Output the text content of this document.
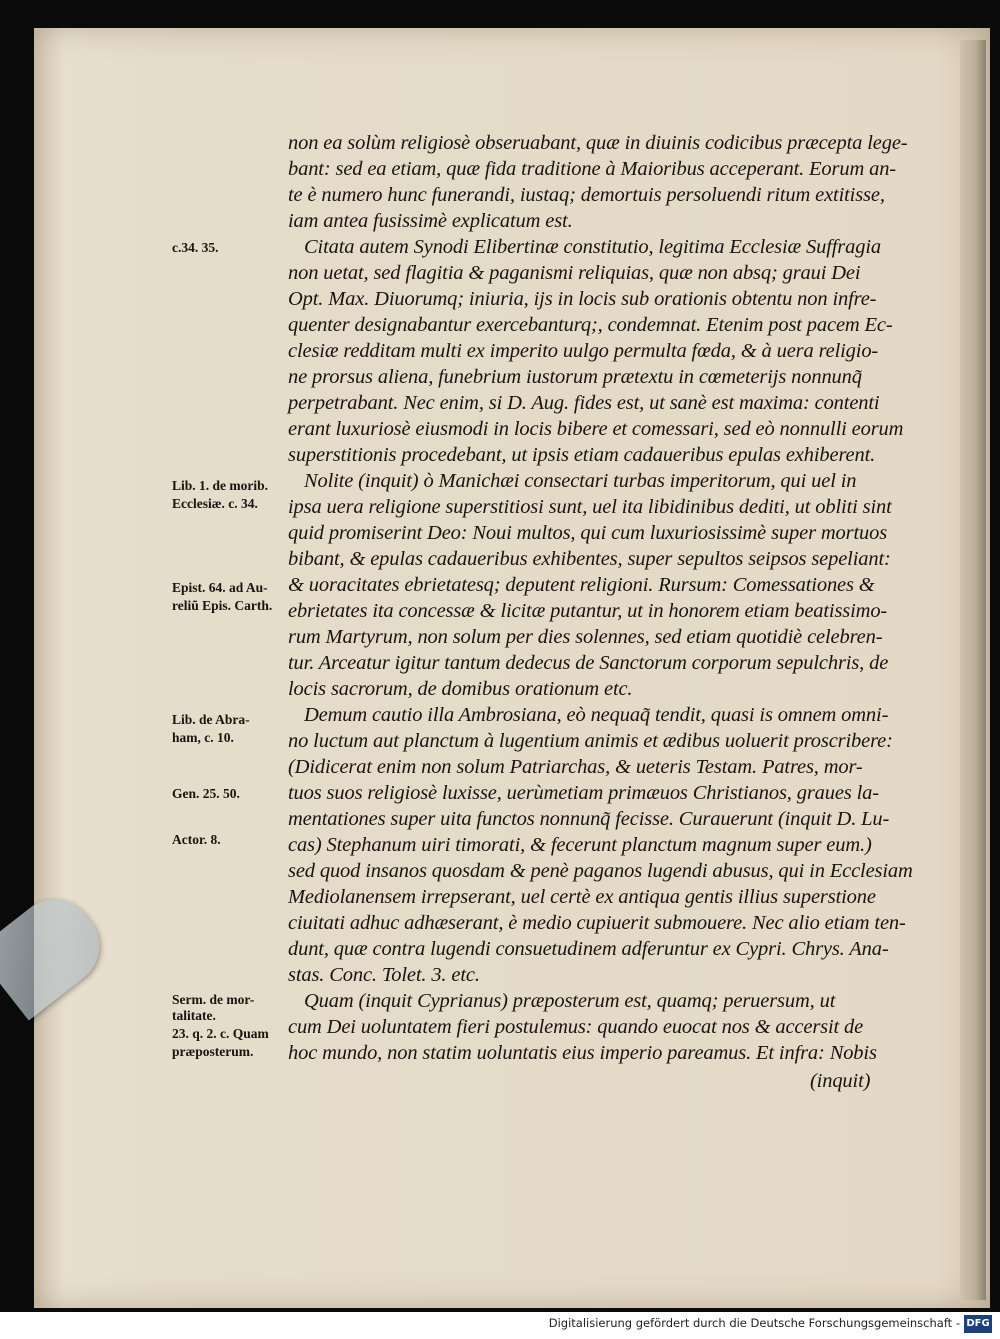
non ea solùm religiosè obseruabant, quæ in diuinis codicibus præcepta lege-
bant: sed ea etiam, quæ fida traditione à Maioribus acceperant. Eorum an-
te è numero hunc funerandi, iustaq; demortuis persoluendi ritum extitisse,
iam antea fusissimè explicatum est.
Citata autem Synodi Elibertinæ constitutio, legitima Ecclesiæ Suffragia
non uetat, sed flagitia & paganismi reliquias, quæ non absq; graui Dei
Opt. Max. Diuorumq; iniuria, ijs in locis sub orationis obtentu non infre-
quenter designabantur exercebanturq;, condemnat. Etenim post pacem Ec-
clesiæ redditam multi ex imperito uulgo permulta fœda, & à uera religio-
ne prorsus aliena, funebrium iustorum prætextu in cœmeterijs nonnunq̃
perpetrabant. Nec enim, si D. Aug. fides est, ut sanè est maxima: contenti
erant luxuriosè eiusmodi in locis bibere et comessari, sed eò nonnulli eorum
superstitionis procedebant, ut ipsis etiam cadaueribus epulas exhiberent.
Nolite (inquit) ò Manichæi consectari turbas imperitorum, qui uel in
ipsa uera religione superstitiosi sunt, uel ita libidinibus dediti, ut obliti sint
quid promiserint Deo: Noui multos, qui cum luxuriosissimè super mortuos
bibant, & epulas cadaueribus exhibentes, super sepultos seipsos sepeliant:
& uoracitates ebrietatesq; deputent religioni. Rursum: Comessationes &
ebrietates ita concessæ & licitæ putantur, ut in honorem etiam beatissimo-
rum Martyrum, non solum per dies solennes, sed etiam quotidiè celebren-
tur. Arceatur igitur tantum dedecus de Sanctorum corporum sepulchris, de
locis sacrorum, de domibus orationum etc.
Demum cautio illa Ambrosiana, eò nequaq̃ tendit, quasi is omnem omni-
no luctum aut planctum à lugentium animis et ædibus uoluerit proscribere:
(Didicerat enim non solum Patriarchas, & ueteris Testam. Patres, mor-
tuos suos religiosè luxisse, uerùmetiam primæuos Christianos, graues la-
mentationes super uita functos nonnunq̃ fecisse. Curauerunt (inquit D. Lu-
cas) Stephanum uiri timorati, & fecerunt planctum magnum super eum.)
sed quod insanos quosdam & penè paganos lugendi abusus, qui in Ecclesiam
Mediolanensem irrepserant, uel certè ex antiqua gentis illius superstione
ciuitati adhuc adhæserant, è medio cupiuerit submouere. Nec alio etiam ten-
dunt, quæ contra lugendi consuetudinem adferuntur ex Cypri. Chrys. Ana-
stas. Conc. Tolet. 3. etc.
Quam (inquit Cyprianus) præposterum est, quamq; peruersum, ut
cum Dei uoluntatem fieri postulemus: quando euocat nos & accersit de
hoc mundo, non statim uoluntatis eius imperio pareamus. Et infra: Nobis
(inquit)
c.34. 35.
Lib. 1. de morib.
Ecclesiæ. c. 34.
Epist. 64. ad Au-
reliũ Epis. Carth.
Lib. de Abra-
ham, c. 10.
Gen. 25. 50.
Actor. 8.
Serm. de mor-
talitate.
23. q. 2. c. Quam
præposterum.
Digitalisierung gefördert durch die Deutsche Forschungsgemeinschaft - DFG
